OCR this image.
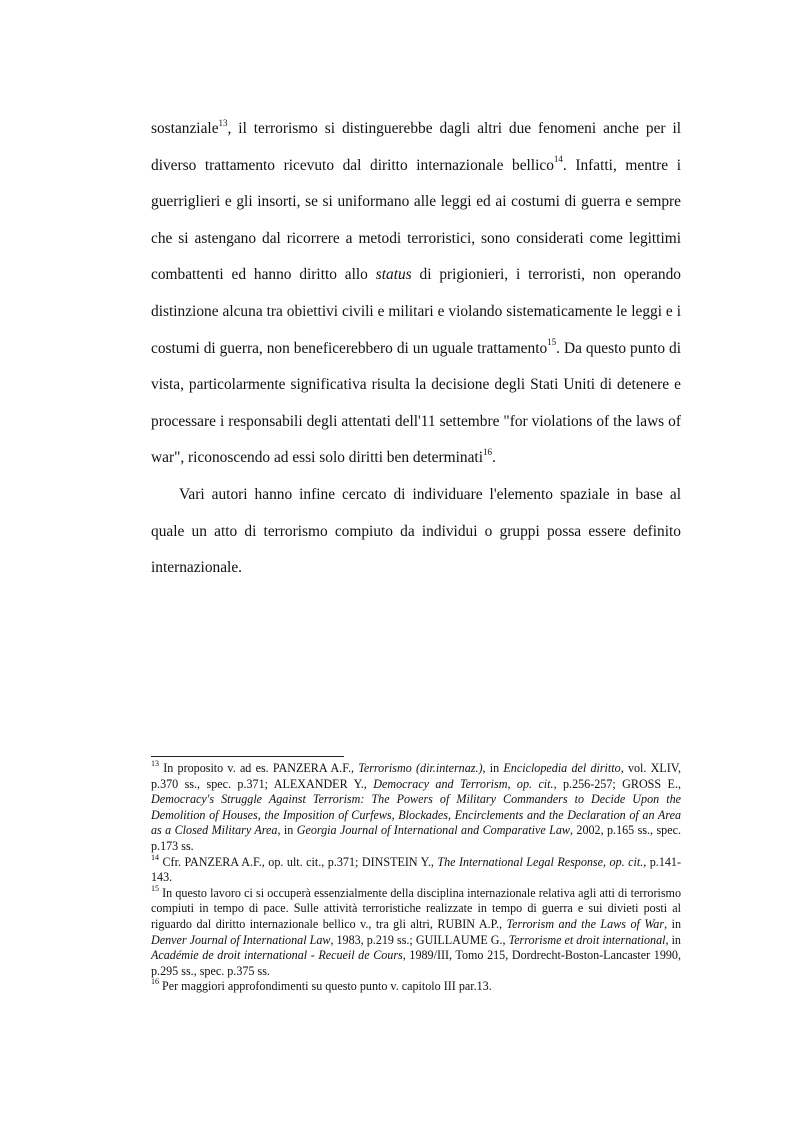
sostanziale$^{13}$, il terrorismo si distinguerebbe dagli altri due fenomeni anche per il diverso trattamento ricevuto dal diritto internazionale bellico$^{14}$. Infatti, mentre i guerriglieri e gli insorti, se si uniformano alle leggi ed ai costumi di guerra e sempre che si astengano dal ricorrere a metodi terroristici, sono considerati come legittimi combattenti ed hanno diritto allo status di prigionieri, i terroristi, non operando distinzione alcuna tra obiettivi civili e militari e violando sistematicamente le leggi e i costumi di guerra, non beneficerebbero di un uguale trattamento$^{15}$. Da questo punto di vista, particolarmente significativa risulta la decisione degli Stati Uniti di detenere e processare i responsabili degli attentati dell'11 settembre "for violations of the laws of war", riconoscendo ad essi solo diritti ben determinati$^{16}$.

Vari autori hanno infine cercato di individuare l'elemento spaziale in base al quale un atto di terrorismo compiuto da individui o gruppi possa essere definito internazionale.

$^{13}$ In proposito v. ad es. PANZERA A.F., Terrorismo (dir.internaz.), in Enciclopedia del diritto, vol. XLIV, p.370 ss., spec. p.371; ALEXANDER Y., Democracy and Terrorism, op. cit., p.256-257; GROSS E., Democracy's Struggle Against Terrorism: The Powers of Military Commanders to Decide Upon the Demolition of Houses, the Imposition of Curfews, Blockades, Encirclements and the Declaration of an Area as a Closed Military Area, in Georgia Journal of International and Comparative Law, 2002, p.165 ss., spec. p.173 ss.

$^{14}$ Cfr. PANZERA A.F., op. ult. cit., p.371; DINSTEIN Y., The International Legal Response, op. cit., p.141-143.

$^{15}$ In questo lavoro ci si occuperà essenzialmente della disciplina internazionale relativa agli atti di terrorismo compiuti in tempo di pace. Sulle attività terroristiche realizzate in tempo di guerra e sui divieti posti al riguardo dal diritto internazionale bellico v., tra gli altri, RUBIN A.P., Terrorism and the Laws of War, in Denver Journal of International Law, 1983, p.219 ss.; GUILLAUME G., Terrorisme et droit international, in Académie de droit international - Recueil de Cours, 1989/III, Tomo 215, Dordrecht-Boston-Lancaster 1990, p.295 ss., spec. p.375 ss.

$^{16}$ Per maggiori approfondimenti su questo punto v. capitolo III par.13.
